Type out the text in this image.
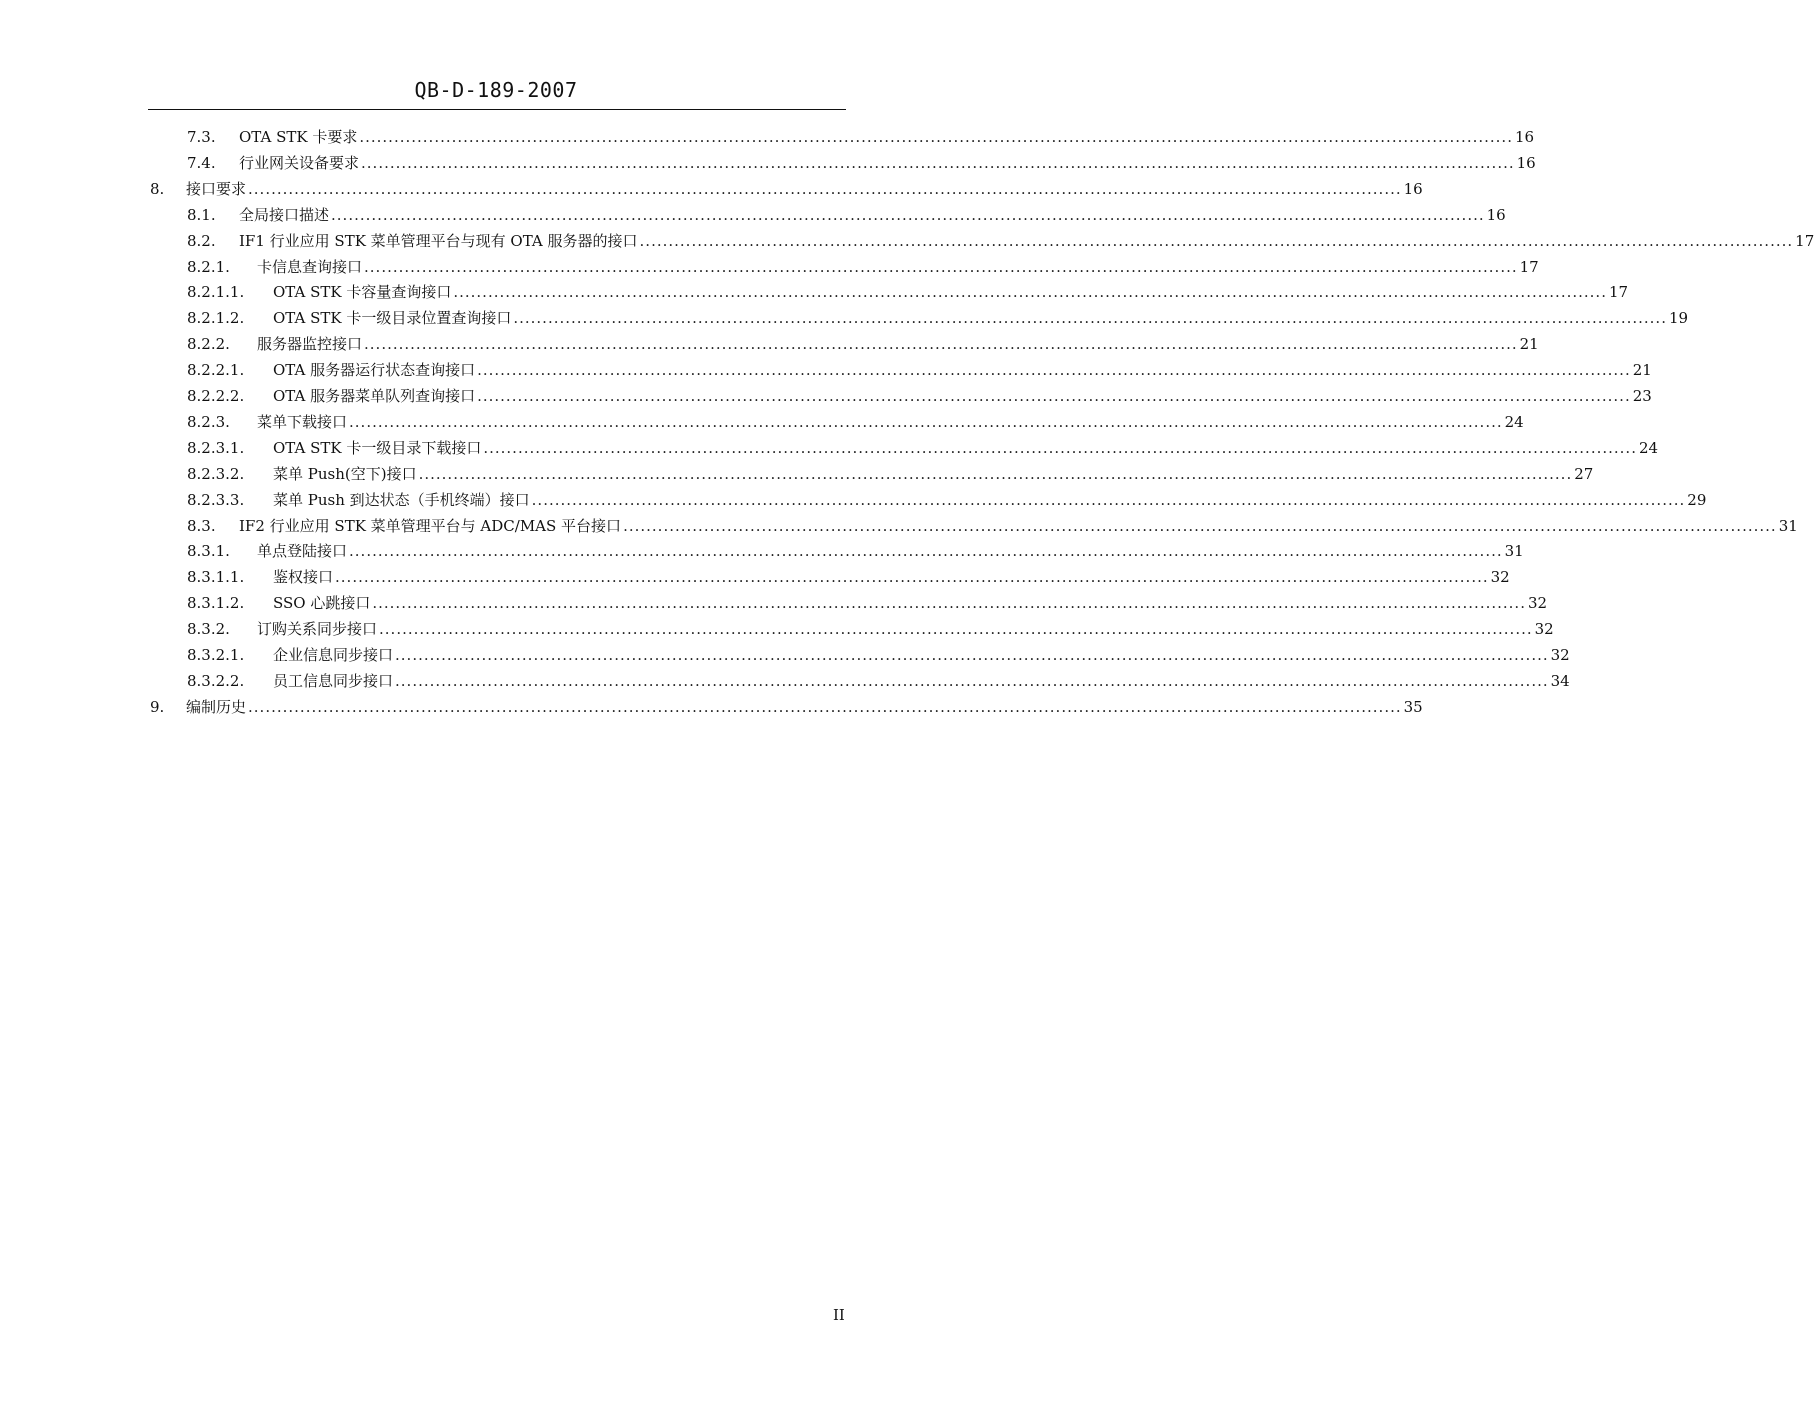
QB-D-189-2007
7.3.	OTA STK 卡要求 ........................................................................................................................................................................................................ 16
7.4.	行业网关设备要求 ........................................................................................................................................................................................................ 16
8.	接口要求 ........................................................................................................................................................................................................ 16
8.1.	全局接口描述 ........................................................................................................................................................................................................ 16
8.2.	IF1 行业应用 STK 菜单管理平台与现有 OTA 服务器的接口 ........................................................................................................................................................................................................ 17
8.2.1.	卡信息查询接口 ........................................................................................................................................................................................................ 17
8.2.1.1.	OTA STK 卡容量查询接口 ........................................................................................................................................................................................................ 17
8.2.1.2.	OTA STK 卡一级目录位置查询接口 ........................................................................................................................................................................................................ 19
8.2.2.	服务器监控接口 ........................................................................................................................................................................................................ 21
8.2.2.1.	OTA 服务器运行状态查询接口 ........................................................................................................................................................................................................ 21
8.2.2.2.	OTA 服务器菜单队列查询接口 ........................................................................................................................................................................................................ 23
8.2.3.	菜单下载接口 ........................................................................................................................................................................................................ 24
8.2.3.1.	OTA STK 卡一级目录下载接口 ........................................................................................................................................................................................................ 24
8.2.3.2.	菜单 Push(空下)接口 ........................................................................................................................................................................................................ 27
8.2.3.3.	菜单 Push 到达状态（手机终端）接口 ........................................................................................................................................................................................................ 29
8.3.	IF2 行业应用 STK 菜单管理平台与 ADC/MAS 平台接口 ........................................................................................................................................................................................................ 31
8.3.1.	单点登陆接口 ........................................................................................................................................................................................................ 31
8.3.1.1.	鉴权接口 ........................................................................................................................................................................................................ 32
8.3.1.2.	SSO 心跳接口 ........................................................................................................................................................................................................ 32
8.3.2.	订购关系同步接口 ........................................................................................................................................................................................................ 32
8.3.2.1.	企业信息同步接口 ........................................................................................................................................................................................................ 32
8.3.2.2.	员工信息同步接口 ........................................................................................................................................................................................................ 34
9.	编制历史 ........................................................................................................................................................................................................ 35
II
